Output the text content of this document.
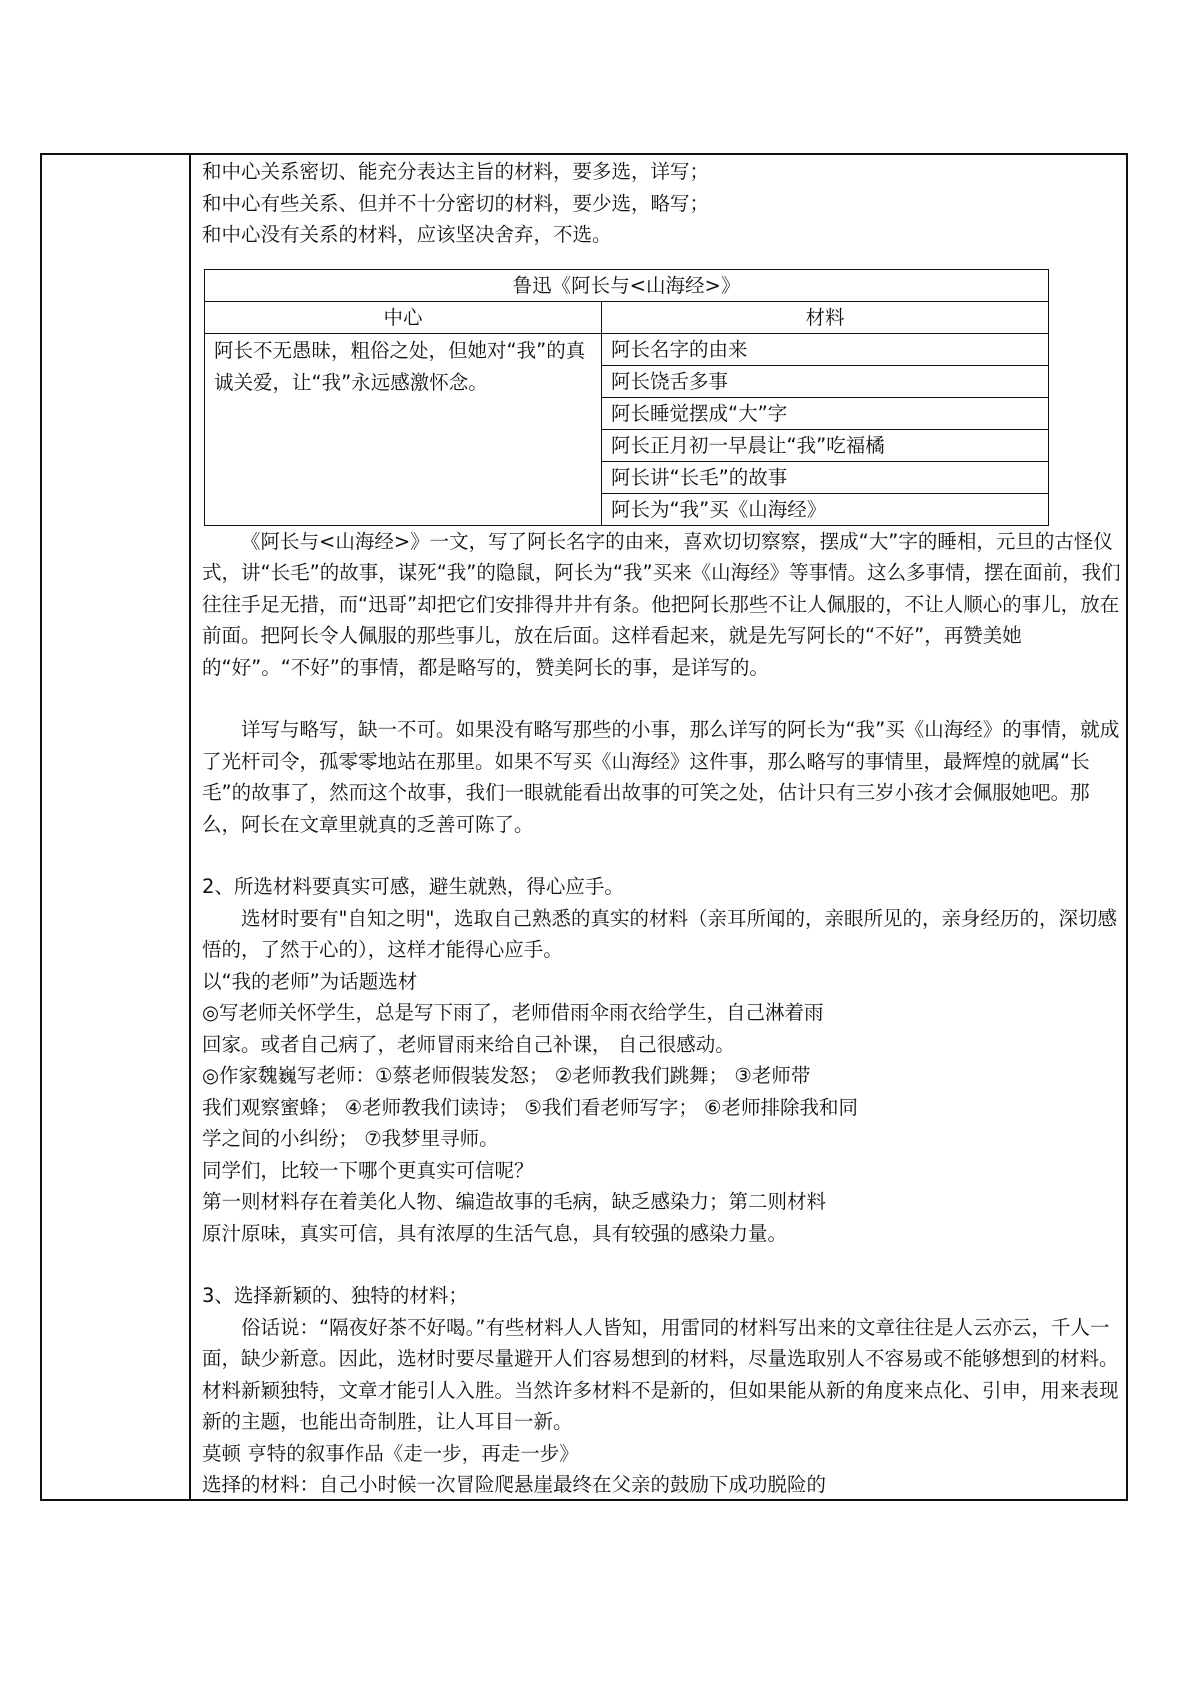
和中心关系密切、能充分表达主旨的材料，要多选，详写；
和中心有些关系、但并不十分密切的材料，要少选，略写；
和中心没有关系的材料，应该坚决舍弃，不选。
鲁迅《阿长与<山海经>》	
中心	材料
阿长不无愚昧，粗俗之处，但她对“我”的真诚关爱，让“我”永远感激怀念。	阿长名字的由来
	阿长饶舌多事
	阿长睡觉摆成“大”字
	阿长正月初一早晨让“我”吃福橘
	阿长讲“长毛”的故事
	阿长为“我”买《山海经》

《阿长与<山海经>》一文，写了阿长名字的由来，喜欢切切察察，摆成“大”字的睡相，元旦的古怪仪式，讲“长毛”的故事，谋死“我”的隐鼠，阿长为“我”买来《山海经》等事情。这么多事情，摆在面前，我们往往手足无措，而“迅哥”却把它们安排得井井有条。他把阿长那些不让人佩服的，不让人顺心的事儿，放在前面。把阿长令人佩服的那些事儿，放在后面。这样看起来，就是先写阿长的“不好”，再赞美她的“好”。“不好”的事情，都是略写的，赞美阿长的事，是详写的。

详写与略写，缺一不可。如果没有略写那些的小事，那么详写的阿长为“我”买《山海经》的事情，就成了光杆司令，孤零零地站在那里。如果不写买《山海经》这件事，那么略写的事情里，最辉煌的就属“长毛”的故事了，然而这个故事，我们一眼就能看出故事的可笑之处，估计只有三岁小孩才会佩服她吧。那么，阿长在文章里就真的乏善可陈了。

2、所选材料要真实可感，避生就熟，得心应手。

选材时要有"自知之明"，选取自己熟悉的真实的材料（亲耳所闻的，亲眼所见的，亲身经历的，深切感悟的，了然于心的），这样才能得心应手。

以“我的老师”为话题选材
◎写老师关怀学生，总是写下雨了，老师借雨伞雨衣给学生，自己淋着雨
回家。或者自己病了，老师冒雨来给自己补课， 自己很感动。
◎作家魏巍写老师：①蔡老师假装发怒； ②老师教我们跳舞； ③老师带
我们观察蜜蜂； ④老师教我们读诗； ⑤我们看老师写字； ⑥老师排除我和同
学之间的小纠纷； ⑦我梦里寻师。
同学们，比较一下哪个更真实可信呢？
第一则材料存在着美化人物、编造故事的毛病，缺乏感染力；第二则材料
原汁原味，真实可信，具有浓厚的生活气息，具有较强的感染力量。

3、选择新颖的、独特的材料；

俗话说：“隔夜好茶不好喝。”有些材料人人皆知，用雷同的材料写出来的文章往往是人云亦云，千人一面，缺少新意。因此，选材时要尽量避开人们容易想到的材料，尽量选取别人不容易或不能够想到的材料。材料新颖独特，文章才能引人入胜。当然许多材料不是新的，但如果能从新的角度来点化、引申，用来表现新的主题，也能出奇制胜，让人耳目一新。

莫顿 亨特的叙事作品《走一步，再走一步》
选择的材料：自己小时候一次冒险爬悬崖最终在父亲的鼓励下成功脱险的
